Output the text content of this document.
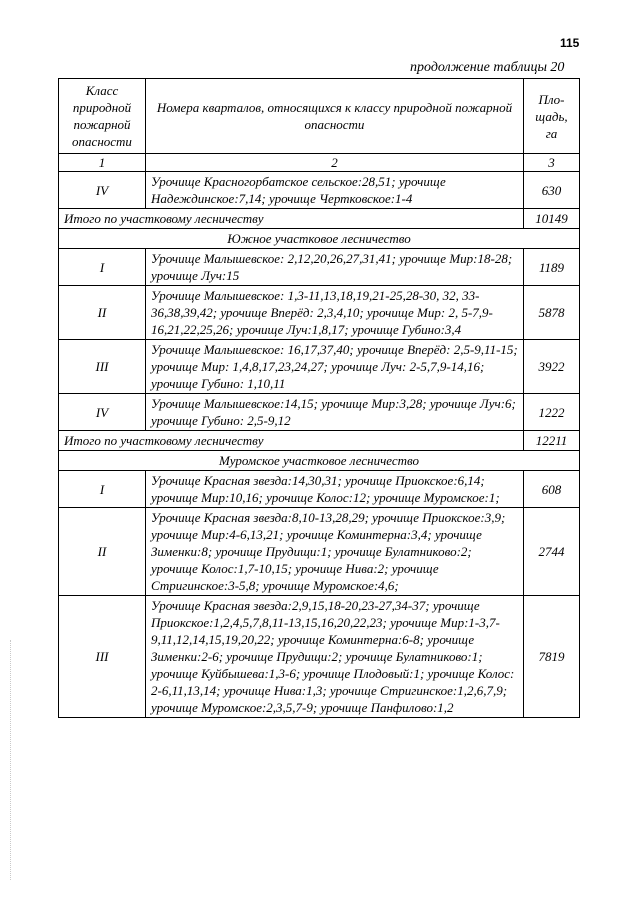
115
продолжение таблицы 20
Класс природной пожарной опасности	Номера кварталов, относящихся к классу природной пожарной опасности	Пло-щадь, га
1	2	3
IV	Урочище Красногорбатское сельское:28,51; урочище Надеждинское:7,14; урочище Чертковское:1-4	630
Итого по участковому лесничеству		10149
Южное участковое лесничество		
I	Урочище Малышевское: 2,12,20,26,27,31,41; урочище Мир:18-28; урочище Луч:15	1189
II	Урочище Малышевское: 1,3-11,13,18,19,21-25,28-30, 32, 33-36,38,39,42; урочище Вперёд: 2,3,4,10; урочище Мир: 2, 5-7,9-16,21,22,25,26; урочище Луч:1,8,17; урочище Губино:3,4	5878
III	Урочище Малышевское: 16,17,37,40; урочище Вперёд: 2,5-9,11-15; урочище Мир: 1,4,8,17,23,24,27; урочище Луч: 2-5,7,9-14,16; урочище Губино: 1,10,11	3922
IV	Урочище Малышевское:14,15; урочище Мир:3,28; урочище Луч:6; урочище Губино: 2,5-9,12	1222
Итого по участковому лесничеству		12211
Муромское участковое лесничество		
I	Урочище Красная звезда:14,30,31; урочище Приокское:6,14; урочище Мир:10,16; урочище Колос:12; урочище Муромское:1;	608
II	Урочище Красная звезда:8,10-13,28,29; урочище Приокское:3,9; урочище Мир:4-6,13,21; урочище Коминтерна:3,4; урочище Зименки:8; урочище Прудищи:1; урочище Булатниково:2; урочище Колос:1,7-10,15; урочище Нива:2; урочище Стригинское:3-5,8; урочище Муромское:4,6;	2744
III	Урочище Красная звезда:2,9,15,18-20,23-27,34-37; урочище Приокское:1,2,4,5,7,8,11-13,15,16,20,22,23; урочище Мир:1-3,7-9,11,12,14,15,19,20,22; урочище Коминтерна:6-8; урочище Зименки:2-6; урочище Прудищи:2; урочище Булатниково:1; урочище Куйбышева:1,3-6; урочище Плодовый:1; урочище Колос: 2-6,11,13,14; урочище Нива:1,3; урочище Стригинское:1,2,6,7,9; урочище Муромское:2,3,5,7-9; урочище Панфилово:1,2	7819
